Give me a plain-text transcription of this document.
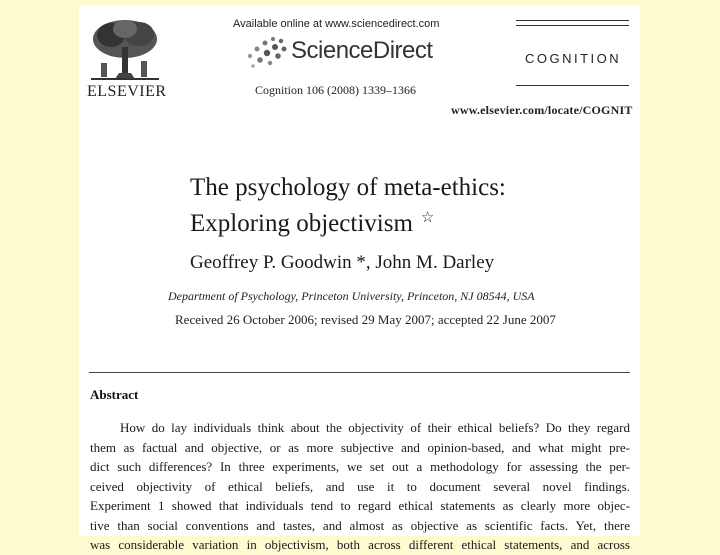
ELSEVIER
Available online at www.sciencedirect.com
ScienceDirect
Cognition 106 (2008) 1339–1366
COGNITION
www.elsevier.com/locate/COGNIT
The psychology of meta-ethics:
Exploring objectivism ☆
Geoffrey P. Goodwin *, John M. Darley
Department of Psychology, Princeton University, Princeton, NJ 08544, USA
Received 26 October 2006; revised 29 May 2007; accepted 22 June 2007
Abstract
How do lay individuals think about the objectivity of their ethical beliefs? Do they regard
them as factual and objective, or as more subjective and opinion-based, and what might pre-
dict such differences? In three experiments, we set out a methodology for assessing the per-
ceived objectivity of ethical beliefs, and use it to document several novel findings.
Experiment 1 showed that individuals tend to regard ethical statements as clearly more objec-
tive than social conventions and tastes, and almost as objective as scientific facts. Yet, there
was considerable variation in objectivism, both across different ethical statements, and across
